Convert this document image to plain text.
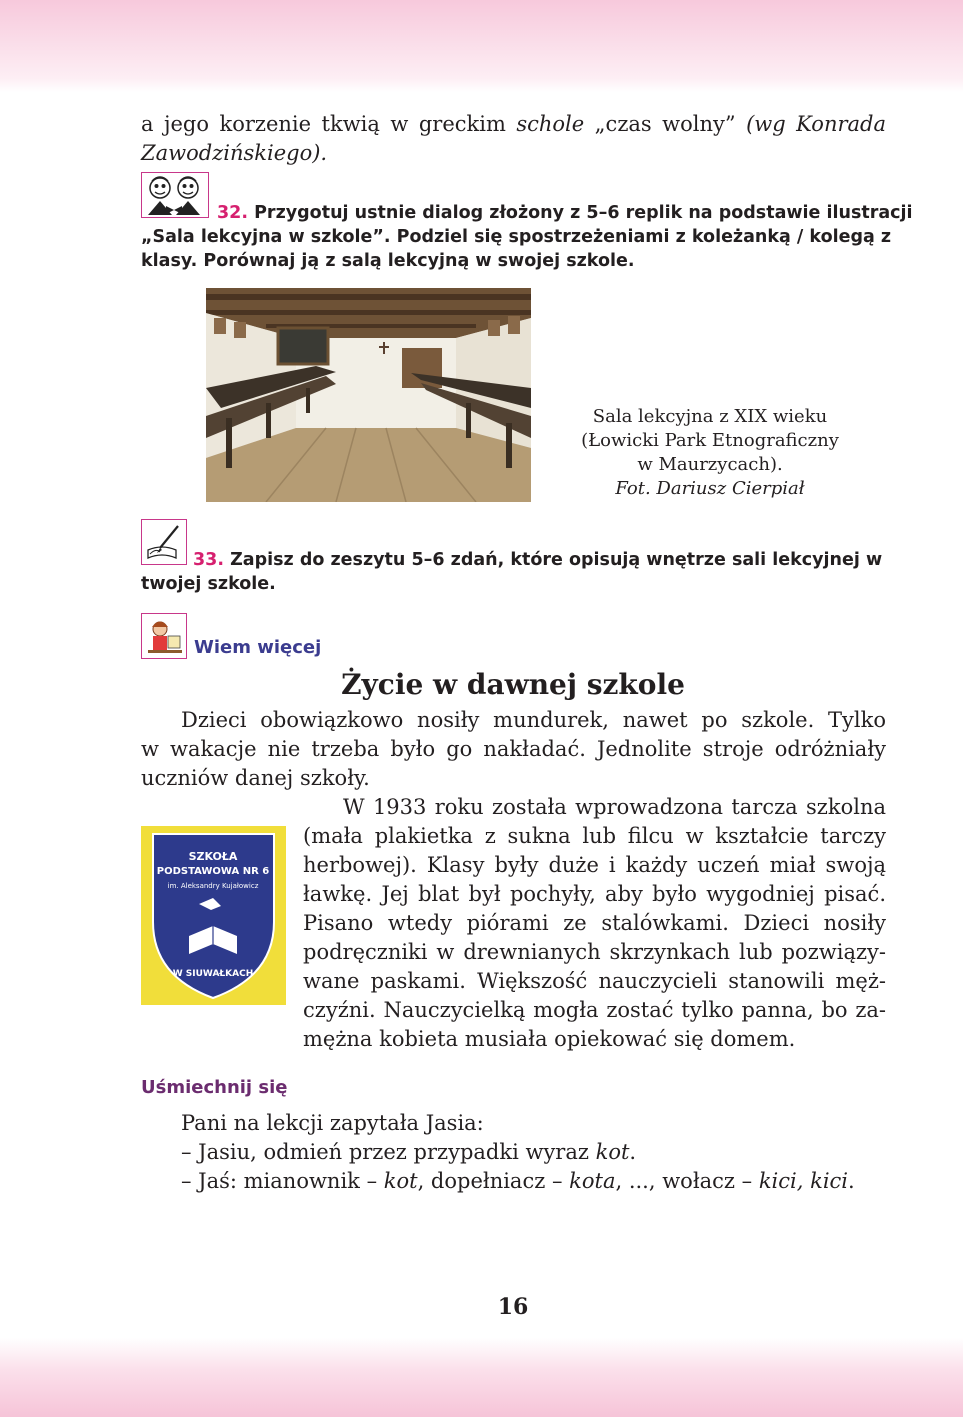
a jego korzenie tkwią w greckim schole „czas wolny” (wg Konrada
Zawodzińskiego).
32. Przygotuj ustnie dialog złożony z 5–6 replik na podstawie ilustracji
„Sala lekcyjna w szkole”. Podziel się spostrzeżeniami z koleżanką / kolegą z
klasy. Porównaj ją z salą lekcyjną w swojej szkole.
Sala lekcyjna z XIX wieku
(Łowicki Park Etnograficzny
w Maurzycach).
Fot. Dariusz Cierpiał
33. Zapisz do zeszytu 5–6 zdań, które opisują wnętrze sali lekcyjnej w
twojej szkole.
Wiem więcej
Życie w dawnej szkole
Dzieci obowiązkowo nosiły mundurek, nawet po szkole. Tylko
w wakacje nie trzeba było go nakładać. Jednolite stroje odróżniały
uczniów danej szkoły.
SZKOŁA
PODSTAWOWA NR 6
im. Aleksandry Kujałowicz
W SIUWAŁKACH
W 1933 roku została wprowadzona tarcza szkolna
(mała plakietka z sukna lub filcu w kształcie tarczy
herbowej). Klasy były duże i każdy uczeń miał swoją
ławkę. Jej blat był pochyły, aby było wygodniej pisać.
Pisano wtedy piórami ze stalówkami. Dzieci nosiły
podręczniki w drewnianych skrzynkach lub pozwiązy-
wane paskami. Większość nauczycieli stanowili męż-
czyźni. Nauczycielką mogła zostać tylko panna, bo za-
mężna kobieta musiała opiekować się domem.
Uśmiechnij się
Pani na lekcji zapytała Jasia:
– Jasiu, odmień przez przypadki wyraz kot.
– Jaś: mianownik – kot, dopełniacz – kota, ..., wołacz – kici, kici.
16
